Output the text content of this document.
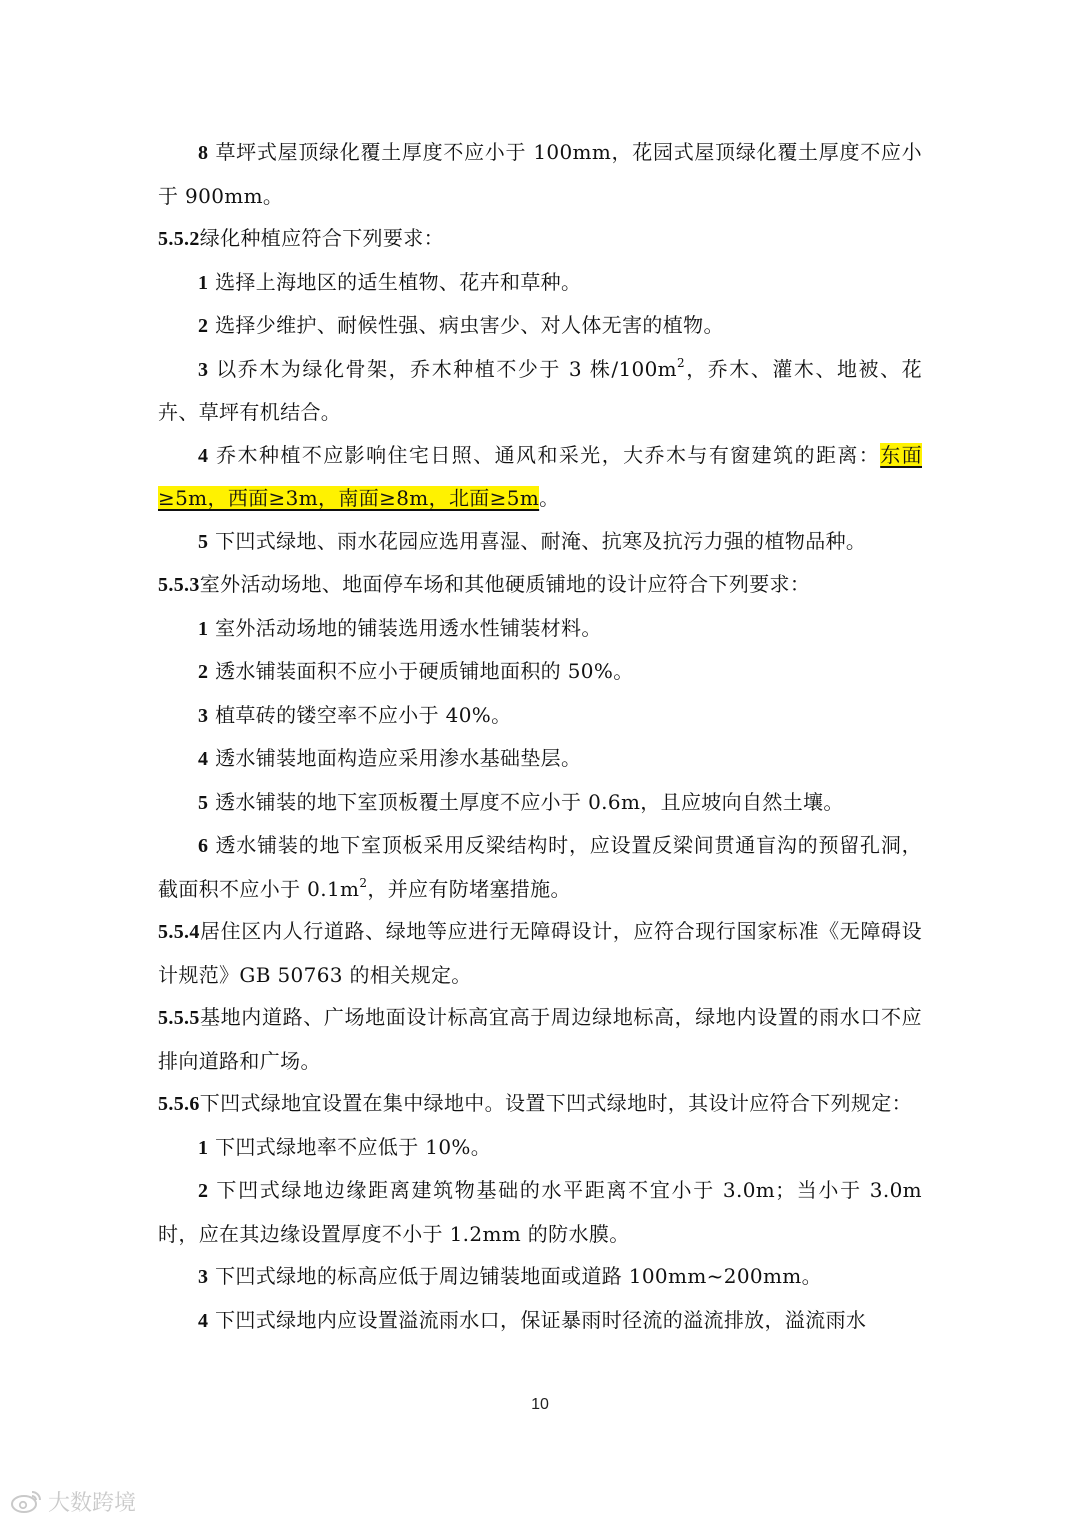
8 草坪式屋顶绿化覆土厚度不应小于 100mm，花园式屋顶绿化覆土厚度不应小于 900mm。

5.5.2绿化种植应符合下列要求：

1 选择上海地区的适生植物、花卉和草种。

2 选择少维护、耐候性强、病虫害少、对人体无害的植物。

3 以乔木为绿化骨架，乔木种植不少于 3 株$/100m^2$，乔木、灌木、地被、花卉、草坪有机结合。

4 乔木种植不应影响住宅日照、通风和采光，大乔木与有窗建筑的距离：东面≥5m，西面≥3m，南面≥8m，北面≥5m。

5 下凹式绿地、雨水花园应选用喜湿、耐淹、抗寒及抗污力强的植物品种。

5.5.3室外活动场地、地面停车场和其他硬质铺地的设计应符合下列要求：

1 室外活动场地的铺装选用透水性铺装材料。

2 透水铺装面积不应小于硬质铺地面积的 50%。

3 植草砖的镂空率不应小于 40%。

4 透水铺装地面构造应采用渗水基础垫层。

5 透水铺装的地下室顶板覆土厚度不应小于 0.6m，且应坡向自然土壤。

6 透水铺装的地下室顶板采用反梁结构时，应设置反梁间贯通盲沟的预留孔洞，截面积不应小于 $0.1m^2$，并应有防堵塞措施。

5.5.4居住区内人行道路、绿地等应进行无障碍设计，应符合现行国家标准《无障碍设计规范》GB 50763 的相关规定。

5.5.5基地内道路、广场地面设计标高宜高于周边绿地标高，绿地内设置的雨水口不应排向道路和广场。

5.5.6下凹式绿地宜设置在集中绿地中。设置下凹式绿地时，其设计应符合下列规定：

1 下凹式绿地率不应低于 10%。

2 下凹式绿地边缘距离建筑物基础的水平距离不宜小于 3.0m；当小于 3.0m时，应在其边缘设置厚度不小于 1.2mm 的防水膜。

3 下凹式绿地的标高应低于周边铺装地面或道路 100mm~200mm。

4 下凹式绿地内应设置溢流雨水口，保证暴雨时径流的溢流排放，溢流雨水

10
大数跨境
